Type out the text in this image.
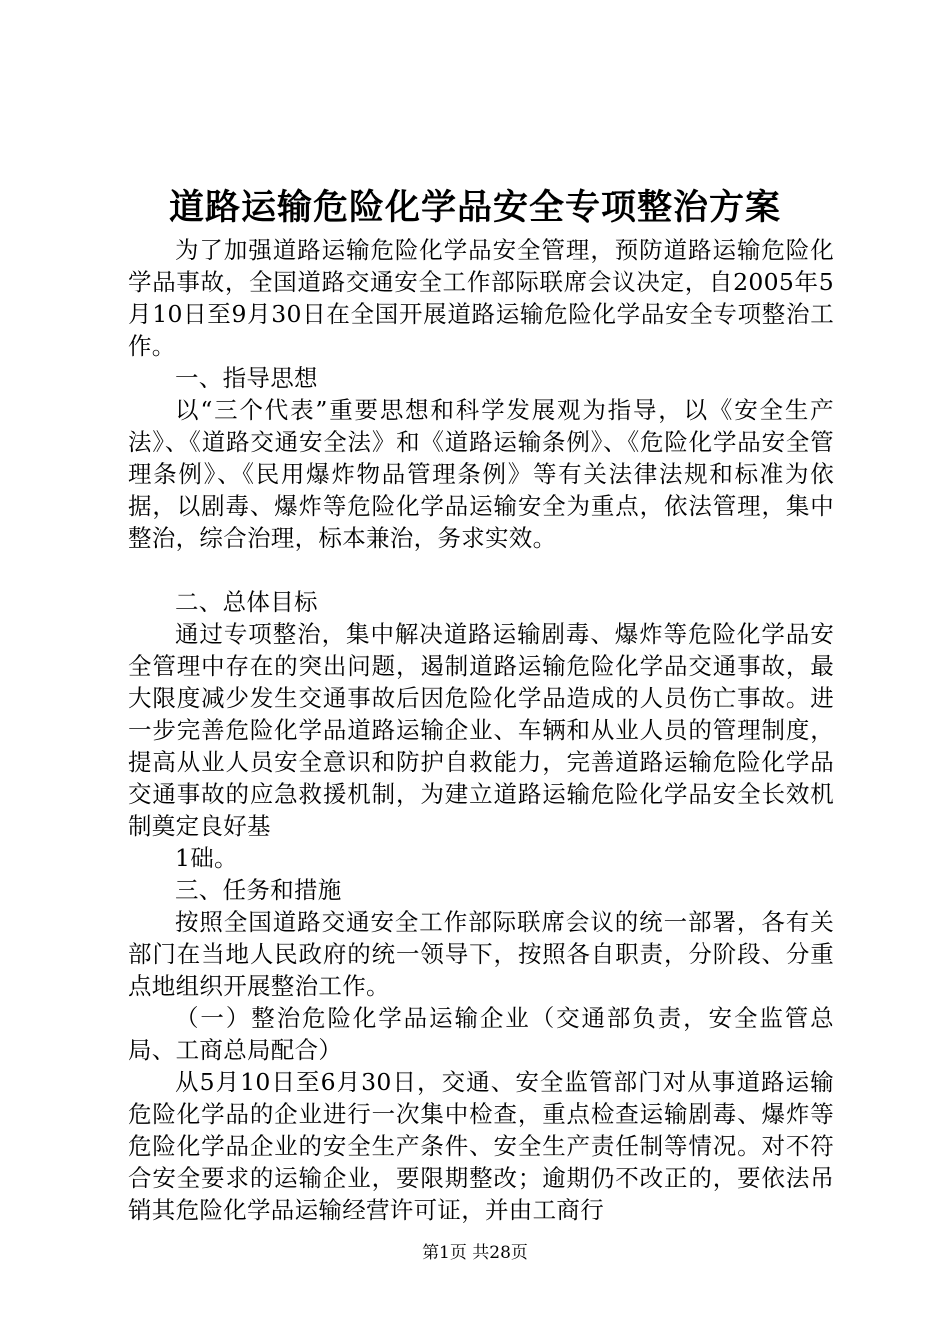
道路运输危险化学品安全专项整治方案

为了加强道路运输危险化学品安全管理，预防道路运输危险化学品事故，全国道路交通安全工作部际联席会议决定，自2005年5月10日至9月30日在全国开展道路运输危险化学品安全专项整治工作。

一、指导思想

以“三个代表”重要思想和科学发展观为指导，以《安全生产法》、《道路交通安全法》和《道路运输条例》、《危险化学品安全管理条例》、《民用爆炸物品管理条例》等有关法律法规和标准为依据，以剧毒、爆炸等危险化学品运输安全为重点，依法管理，集中整治，综合治理，标本兼治，务求实效。

二、总体目标

通过专项整治，集中解决道路运输剧毒、爆炸等危险化学品安全管理中存在的突出问题，遏制道路运输危险化学品交通事故，最大限度减少发生交通事故后因危险化学品造成的人员伤亡事故。进一步完善危险化学品道路运输企业、车辆和从业人员的管理制度，提高从业人员安全意识和防护自救能力，完善道路运输危险化学品交通事故的应急救援机制，为建立道路运输危险化学品安全长效机制奠定良好基

1础。

三、任务和措施

按照全国道路交通安全工作部际联席会议的统一部署，各有关部门在当地人民政府的统一领导下，按照各自职责，分阶段、分重点地组织开展整治工作。

（一）整治危险化学品运输企业（交通部负责，安全监管总局、工商总局配合）

从5月10日至6月30日，交通、安全监管部门对从事道路运输危险化学品的企业进行一次集中检查，重点检查运输剧毒、爆炸等危险化学品企业的安全生产条件、安全生产责任制等情况。对不符合安全要求的运输企业，要限期整改；逾期仍不改正的，要依法吊销其危险化学品运输经营许可证，并由工商行

第1页 共28页
